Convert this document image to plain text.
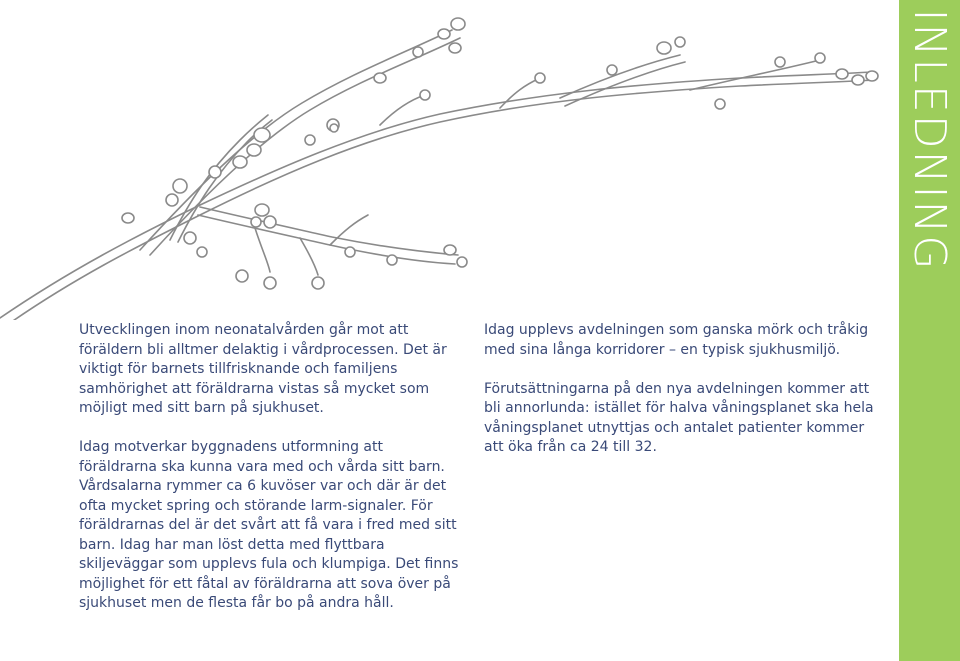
INLEDNING

Utvecklingen inom neonatalvården går mot att föräldern bli alltmer delaktig i vårdprocessen. Det är viktigt för barnets tillfrisknande och familjens samhörighet att föräldrarna vistas så mycket som möjligt med sitt barn på sjukhuset.

Idag motverkar byggnadens utformning att föräldrarna ska kunna vara med och vårda sitt barn. Vårdsalarna rymmer ca 6 kuvöser var och där är det ofta mycket spring och störande larm-signaler. För föräldrarnas del är det svårt att få vara i fred med sitt barn. Idag har man löst detta med flyttbara skiljeväggar som upplevs fula och klumpiga. Det finns möjlighet för ett fåtal av föräldrarna att sova över på sjukhuset men de flesta får bo på andra håll.

Idag upplevs avdelningen som ganska mörk och tråkig med sina långa korridorer – en typisk sjukhusmiljö.

Förutsättningarna på den nya avdelningen kommer att bli annorlunda: istället för halva våningsplanet ska hela våningsplanet utnyttjas och antalet patienter kommer att öka från ca 24 till 32.
